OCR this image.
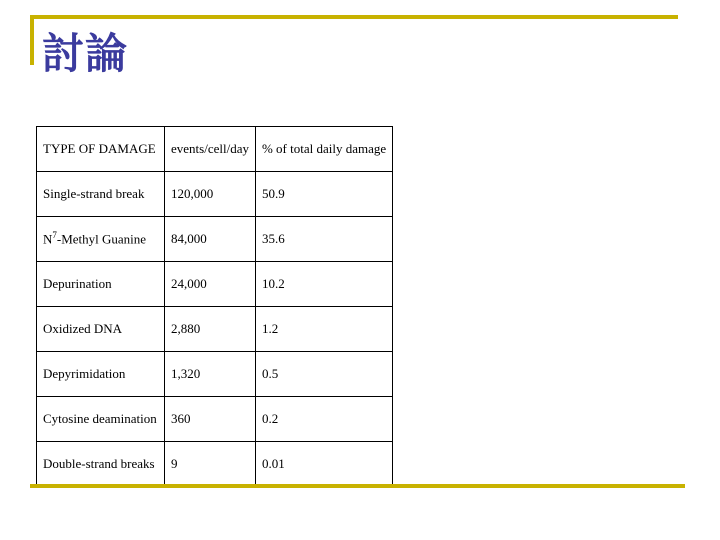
討論
TYPE OF DAMAGE	events/cell/day	% of total daily damage
Single-strand break	120,000	50.9
$N^7$-Methyl Guanine	84,000	35.6
Depurination	24,000	10.2
Oxidized DNA	2,880	1.2
Depyrimidation	1,320	0.5
Cytosine deamination	360	0.2
Double-strand breaks	9	0.01
